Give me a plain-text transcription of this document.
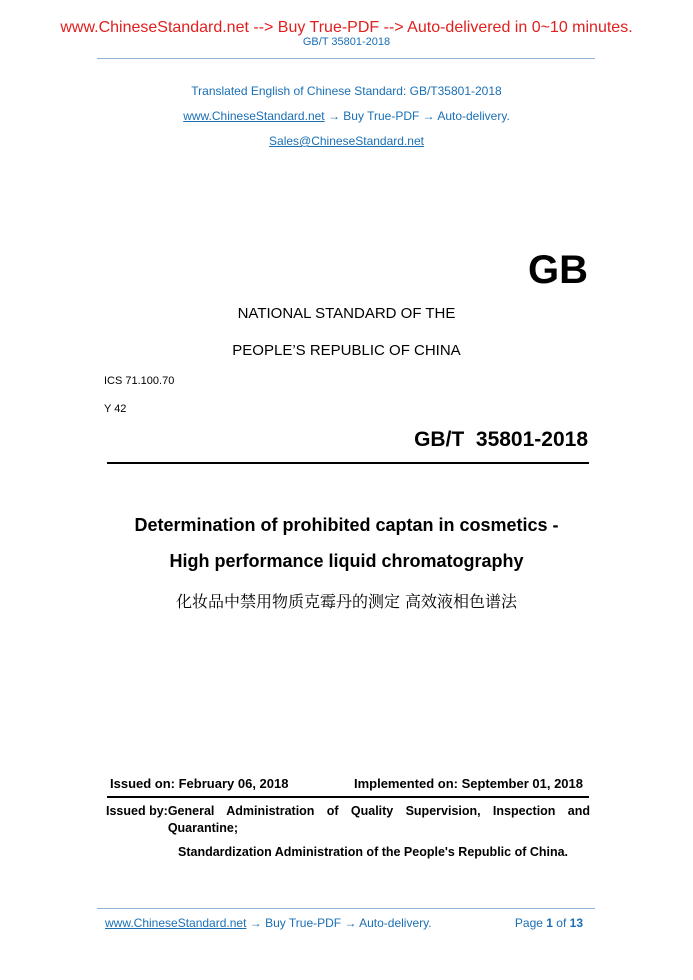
www.ChineseStandard.net --> Buy True-PDF --> Auto-delivered in 0~10 minutes.
GB/T 35801-2018
Translated English of Chinese Standard: GB/T35801-2018
www.ChineseStandard.net → Buy True-PDF → Auto-delivery.
Sales@ChineseStandard.net
GB
NATIONAL STANDARD OF THE
PEOPLE’S REPUBLIC OF CHINA
ICS 71.100.70
Y 42
GB/T  35801-2018
Determination of prohibited captan in cosmetics -
High performance liquid chromatography
化妆品中禁用物质克霉丹的测定 高效液相色谱法
Issued on: February 06, 2018	Implemented on: September 01, 2018
Issued by: General Administration of Quality Supervision, Inspection and Quarantine;
Standardization Administration of the People's Republic of China.
www.ChineseStandard.net → Buy True-PDF → Auto-delivery.	Page 1 of 13
